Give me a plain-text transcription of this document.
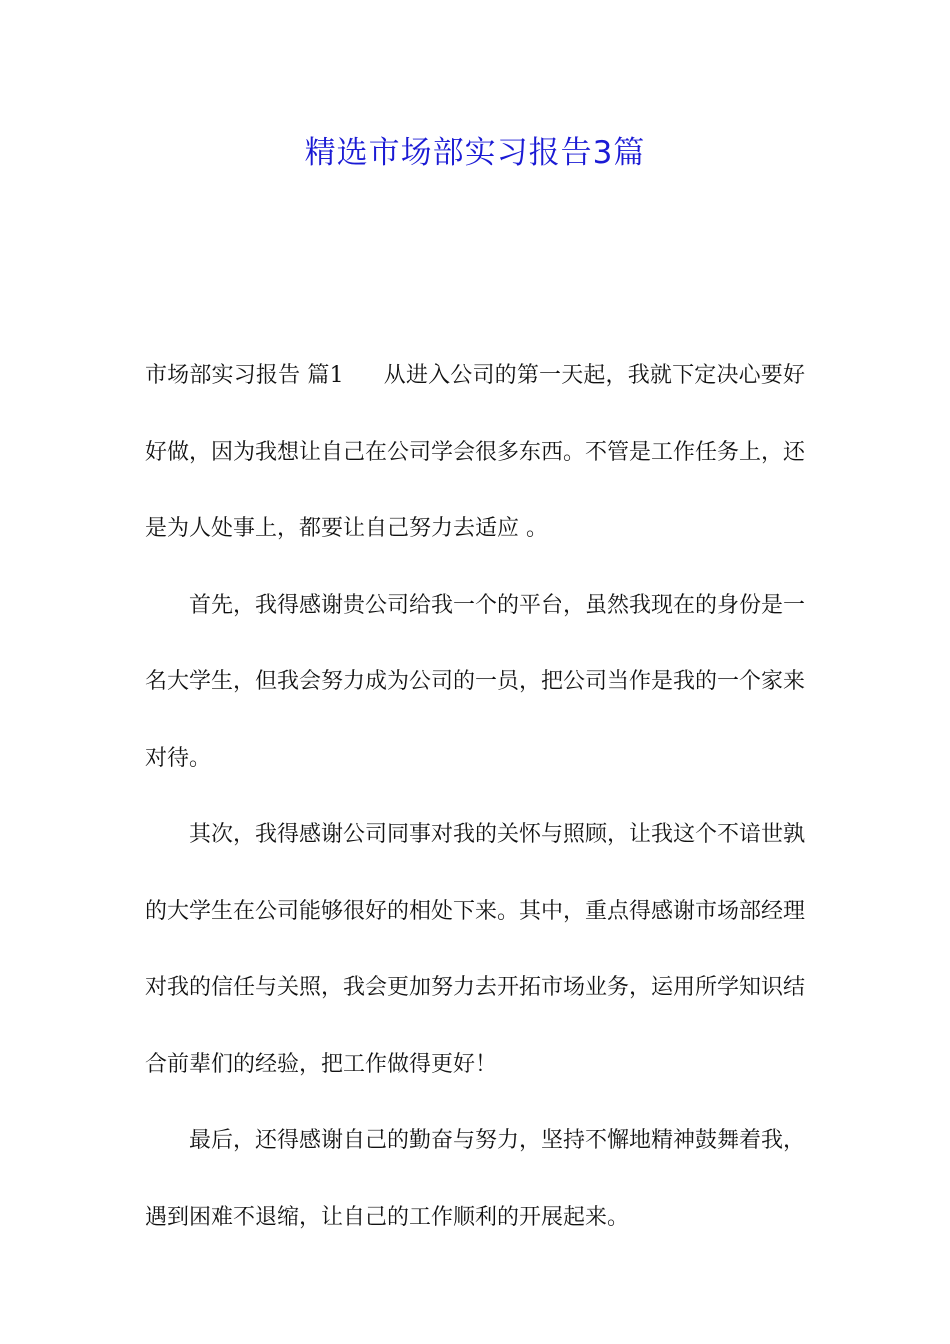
精选市场部实习报告3篇

市场部实习报告 篇1 从进入公司的第一天起，我就下定决心要好好做，因为我想让自己在公司学会很多东西。不管是工作任务上，还是为人处事上，都要让自己努力去适应 。

首先，我得感谢贵公司给我一个的平台，虽然我现在的身份是一名大学生，但我会努力成为公司的一员，把公司当作是我的一个家来对待。

其次，我得感谢公司同事对我的关怀与照顾，让我这个不谙世孰的大学生在公司能够很好的相处下来。其中，重点得感谢市场部经理对我的信任与关照，我会更加努力去开拓市场业务，运用所学知识结合前辈们的经验，把工作做得更好！

最后，还得感谢自己的勤奋与努力，坚持不懈地精神鼓舞着我，遇到困难不退缩，让自己的工作顺利的开展起来。
